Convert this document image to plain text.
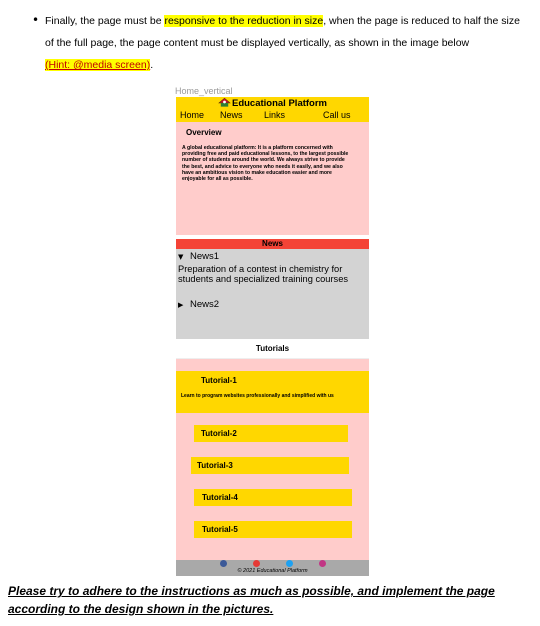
• Finally, the page must be responsive to the reduction in size, when the page is reduced to half the size of the full page, the page content must be displayed vertically, as shown in the image below
(Hint: @media screen).

Home_vertical
Educational Platform
Home News Links	Call us
Overview
A global educational platform: It is a platform concerned with providing free and paid educational lessons, to the largest possible number of students around the world. We always strive to provide the best, and advice to everyone who needs it easily, and we also have an ambitious vision to make education easier and more enjoyable for all as possible.
News
▼ News1
Preparation of a contest in chemistry for students and specialized training courses
▶ News2
Tutorials
Tutorial-1
Learn to program websites professionally and simplified with us
Tutorial-2
Tutorial-3
Tutorial-4
Tutorial-5
© 2021 Educational Platform

Please try to adhere to the instructions as much as possible, and implement the page according to the design shown in the pictures.
